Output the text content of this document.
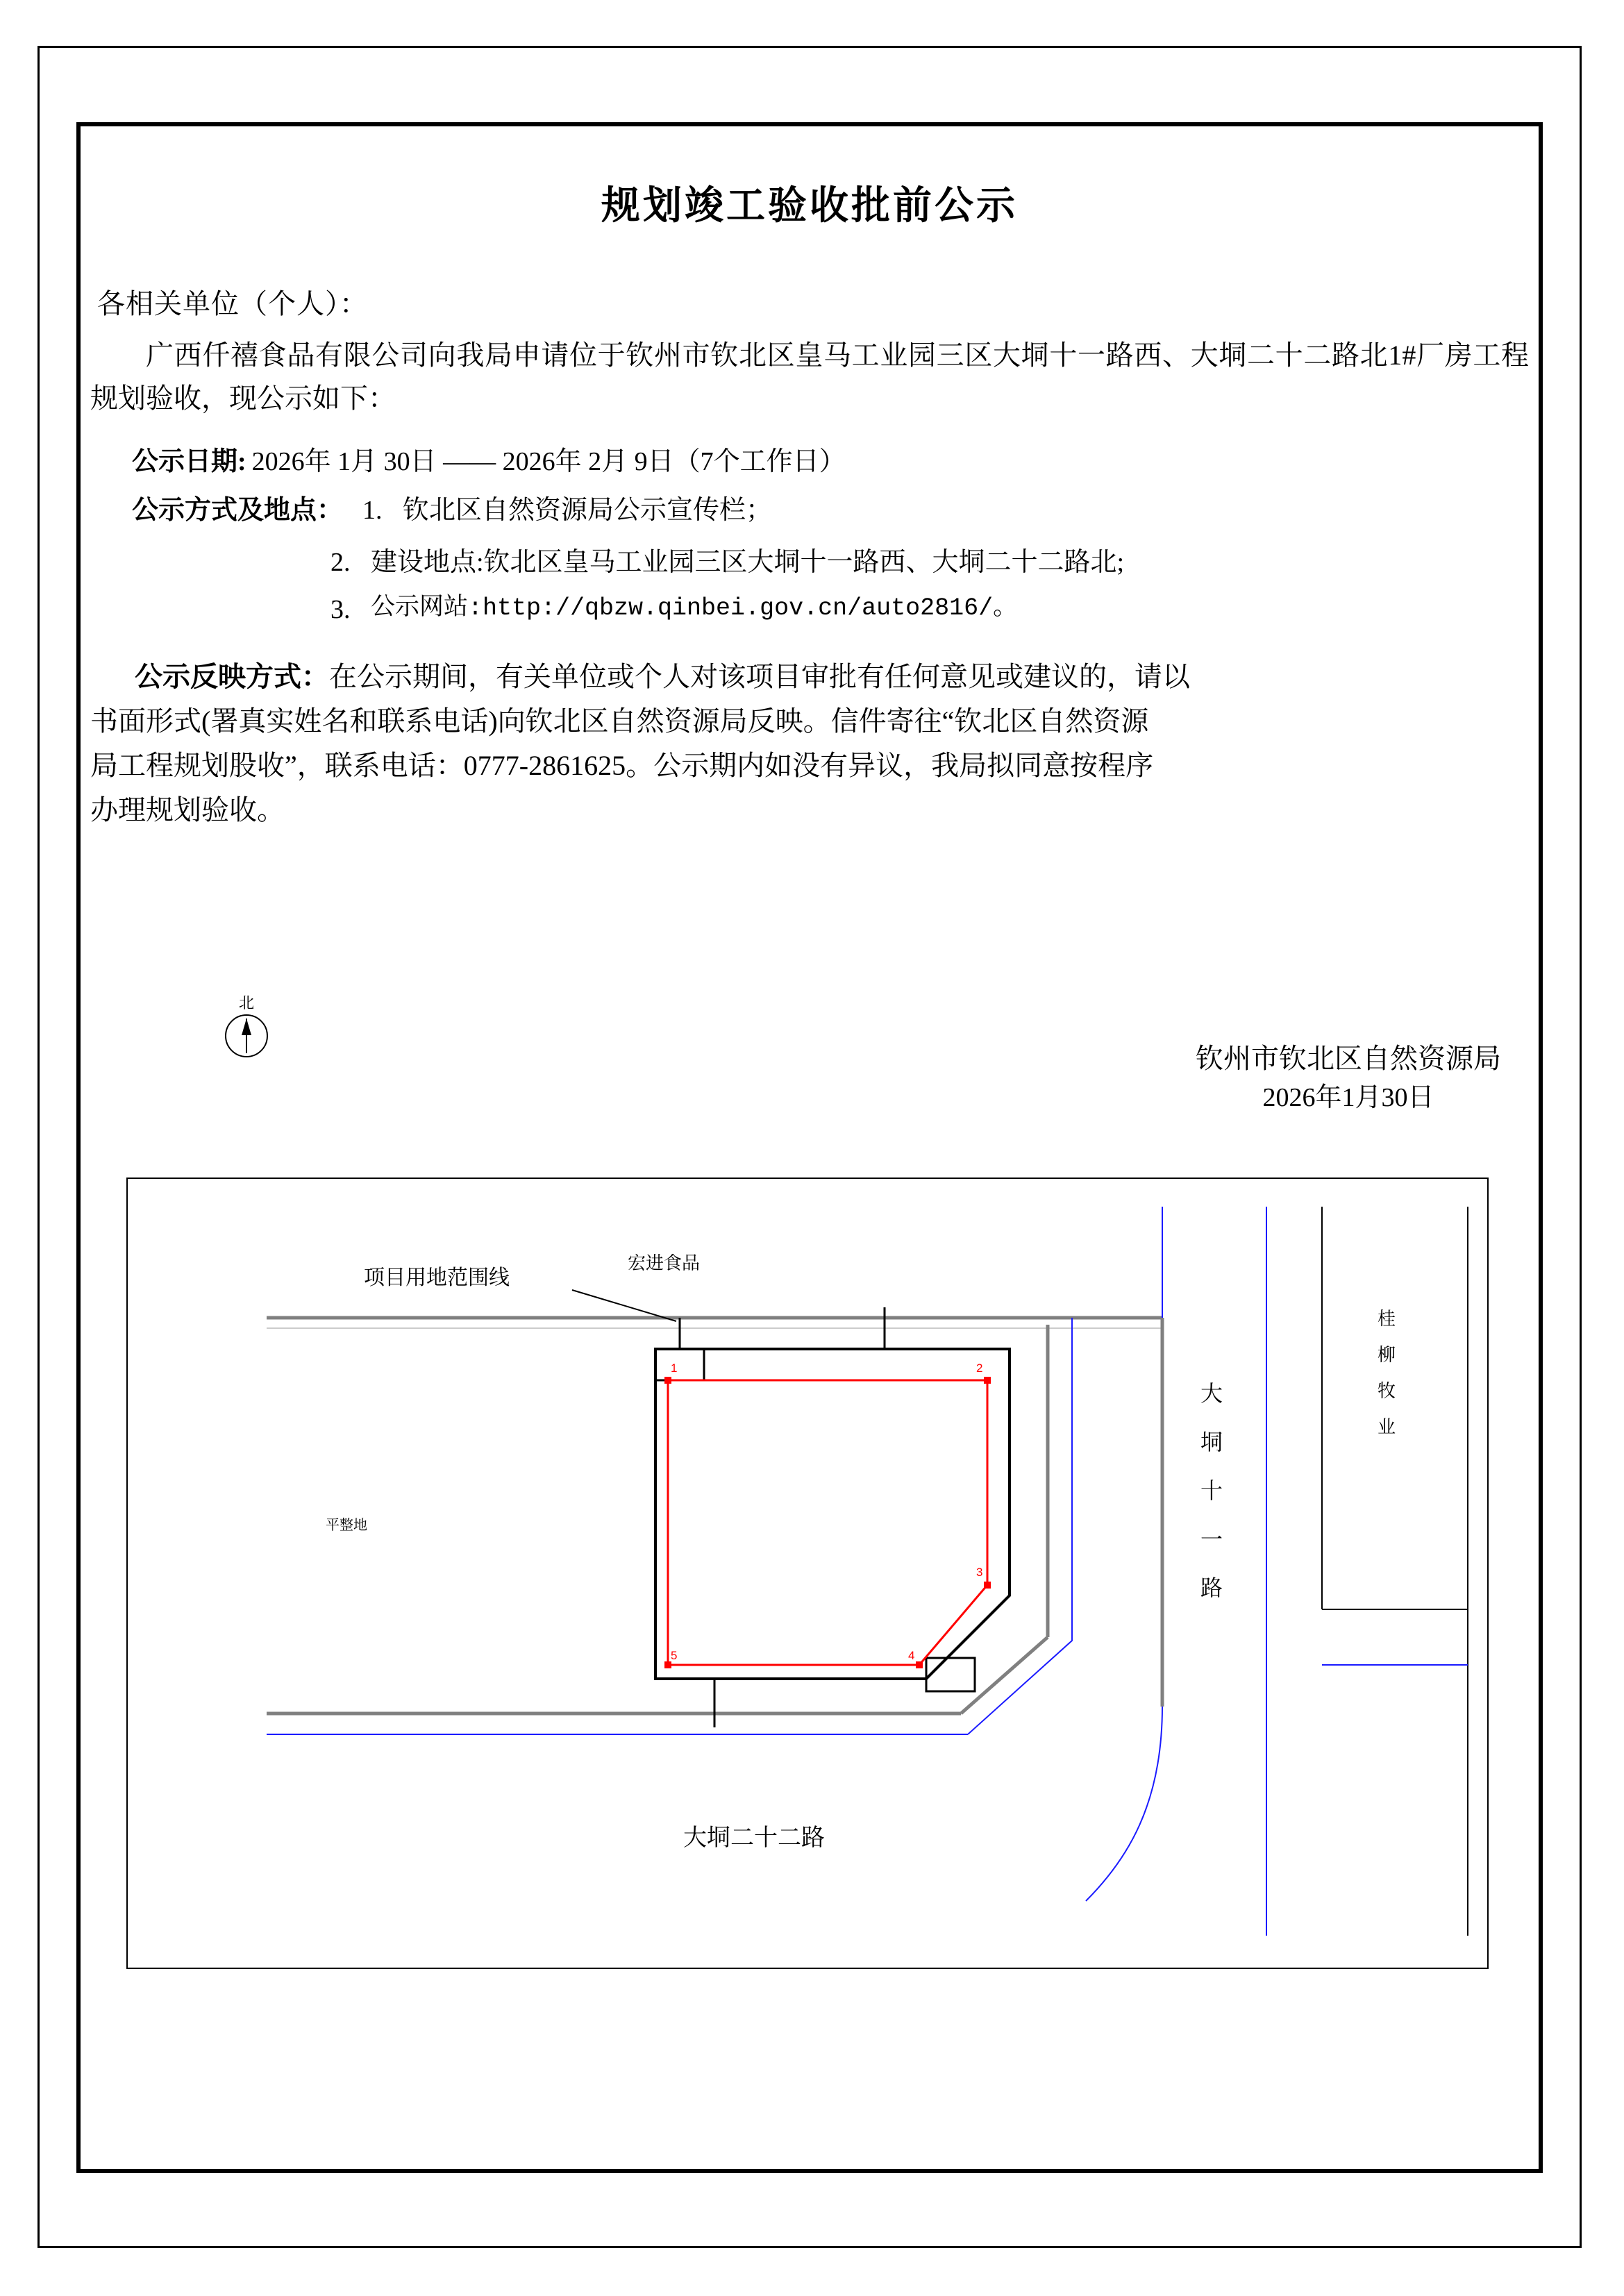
规划竣工验收批前公示
各相关单位（个人）：
广西仟禧食品有限公司向我局申请位于钦州市钦北区皇马工业园三区大垌十一路西、大垌二十二路北1#厂房工程规划验收，现公示如下：
公示日期: 2026年 1月 30日 —— 2026年 2月 9日（7个工作日）
公示方式及地点： 1. 钦北区自然资源局公示宣传栏；
2. 建设地点:钦北区皇马工业园三区大垌十一路西、大垌二十二路北;
3. 公示网站:http://qbzw.qinbei.gov.cn/auto2816/。
公示反映方式：在公示期间，有关单位或个人对该项目审批有任何意见或建议的，请以
书面形式(署真实姓名和联系电话)向钦北区自然资源局反映。信件寄往“钦北区自然资源
局工程规划股收”，联系电话：0777-2861625。公示期内如没有异议，我局拟同意按程序
办理规划验收。
北
钦州市钦北区自然资源局
2026年1月30日
1	2
3
4
5
项目用地范围线
宏进食品
平整地
大
垌
十
一
路
桂
柳
牧
业
大垌二十二路
